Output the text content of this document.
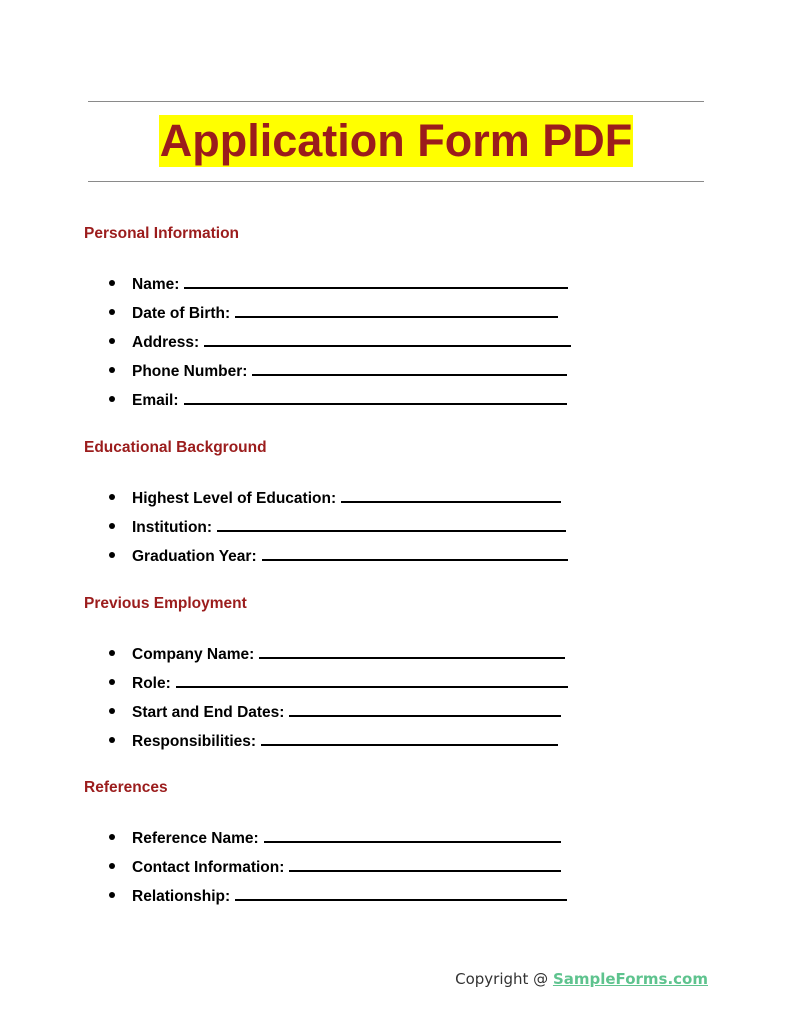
Application Form PDF
Personal Information
Name:
Date of Birth:
Address:
Phone Number:
Email:
Educational Background
Highest Level of Education:
Institution:
Graduation Year:
Previous Employment
Company Name:
Role:
Start and End Dates:
Responsibilities:
References
Reference Name:
Contact Information:
Relationship:
Copyright @ SampleForms.com
